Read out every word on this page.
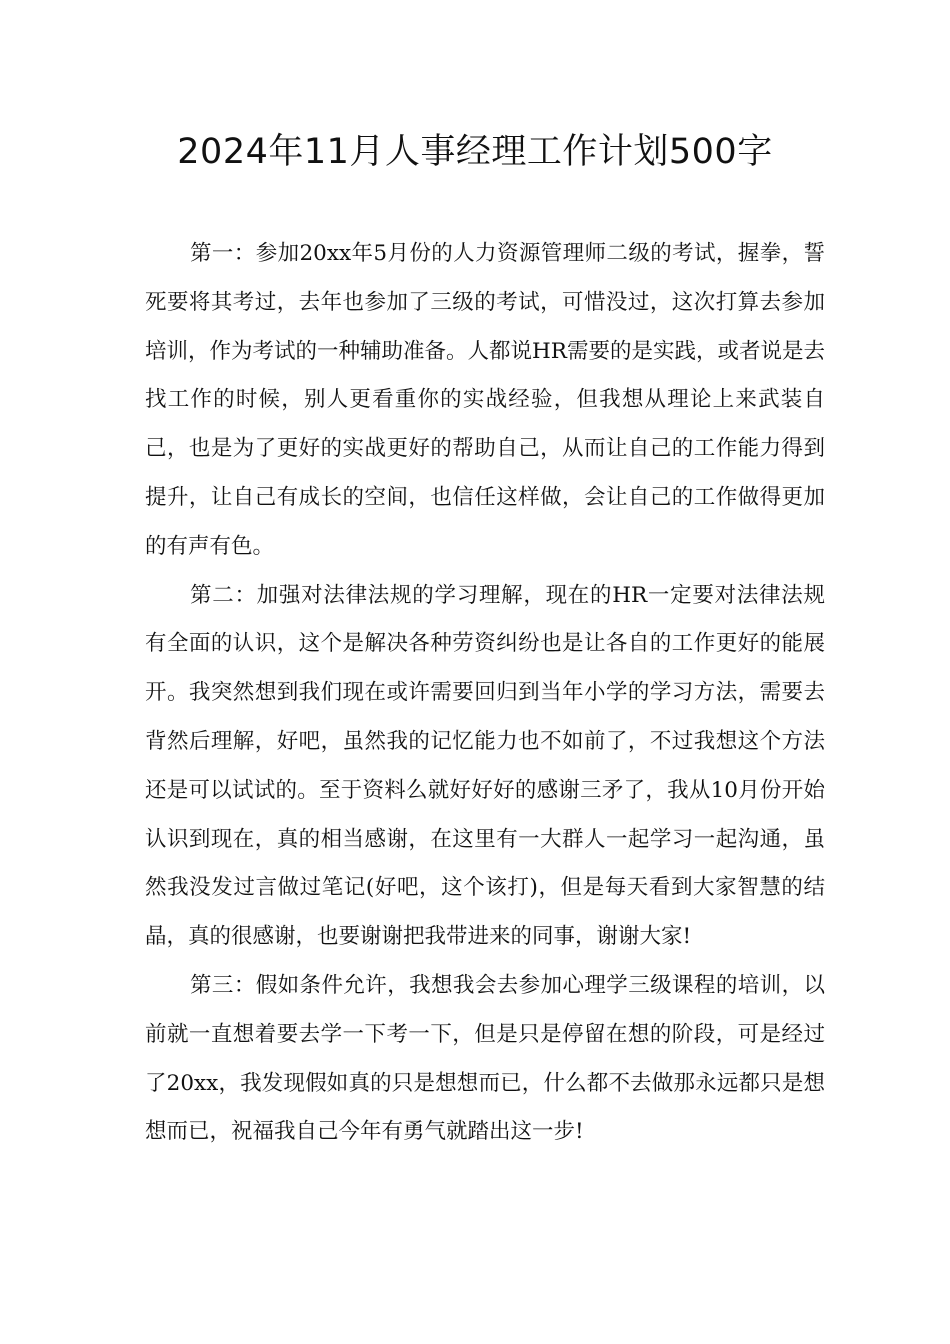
2024年11月人事经理工作计划500字

第一：参加20xx年5月份的人力资源管理师二级的考试，握拳，誓死要将其考过，去年也参加了三级的考试，可惜没过，这次打算去参加培训，作为考试的一种辅助准备。人都说HR需要的是实践，或者说是去找工作的时候，别人更看重你的实战经验，但我想从理论上来武装自己，也是为了更好的实战更好的帮助自己，从而让自己的工作能力得到提升，让自己有成长的空间，也信任这样做，会让自己的工作做得更加的有声有色。

第二：加强对法律法规的学习理解，现在的HR一定要对法律法规有全面的认识，这个是解决各种劳资纠纷也是让各自的工作更好的能展开。我突然想到我们现在或许需要回归到当年小学的学习方法，需要去背然后理解，好吧，虽然我的记忆能力也不如前了，不过我想这个方法还是可以试试的。至于资料么就好好好的感谢三矛了，我从10月份开始认识到现在，真的相当感谢，在这里有一大群人一起学习一起沟通，虽然我没发过言做过笔记(好吧，这个该打)，但是每天看到大家智慧的结晶，真的很感谢，也要谢谢把我带进来的同事，谢谢大家!

第三：假如条件允许，我想我会去参加心理学三级课程的培训，以前就一直想着要去学一下考一下，但是只是停留在想的阶段，可是经过了20xx，我发现假如真的只是想想而已，什么都不去做那永远都只是想想而已，祝福我自己今年有勇气就踏出这一步!
